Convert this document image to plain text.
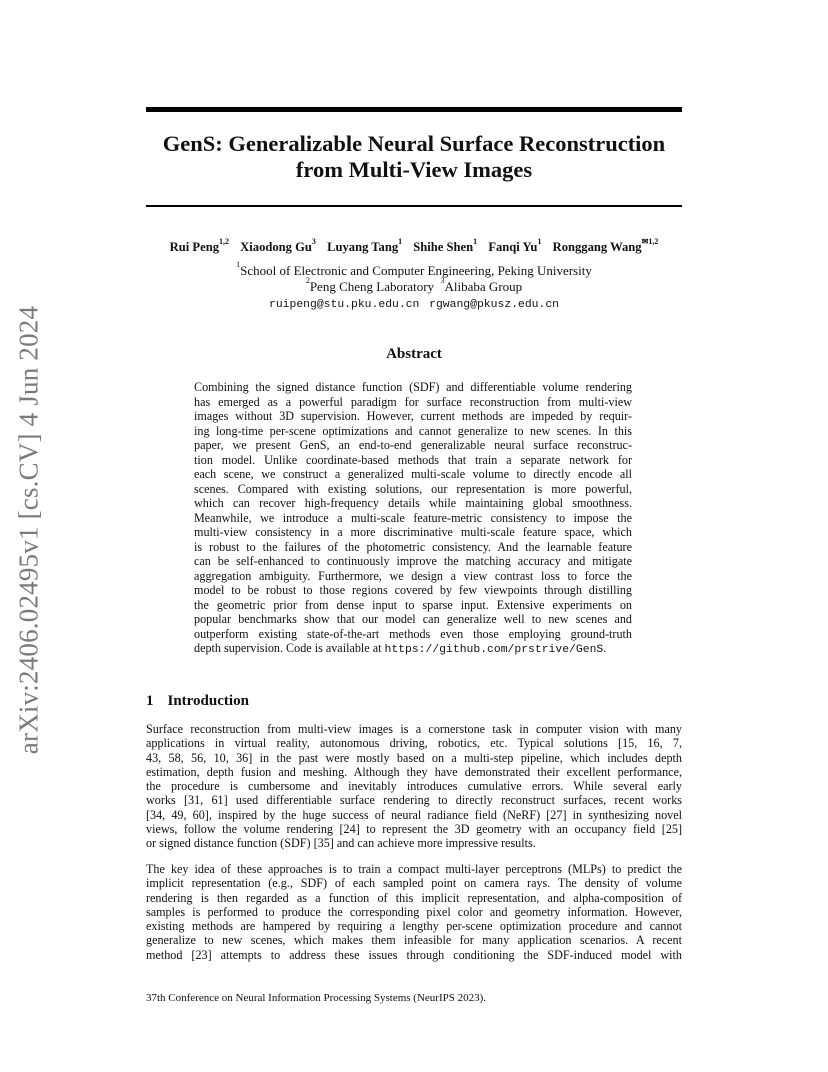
arXiv:2406.02495v1 [cs.CV] 4 Jun 2024
GenS: Generalizable Neural Surface Reconstruction
from Multi-View Images
Rui Peng$^{1,2}$ Xiaodong Gu$^3$ Luyang Tang$^1$ Shihe Shen$^1$ Fanqi Yu$^1$ Ronggang Wang$^{✉1,2}$
$^1$School of Electronic and Computer Engineering, Peking University
$^2$Peng Cheng Laboratory $^3$Alibaba Group
ruipeng@stu.pku.edu.cn rgwang@pkusz.edu.cn
Abstract
Combining the signed distance function (SDF) and differentiable volume rendering
has emerged as a powerful paradigm for surface reconstruction from multi-view
images without 3D supervision. However, current methods are impeded by requir-
ing long-time per-scene optimizations and cannot generalize to new scenes. In this
paper, we present GenS, an end-to-end generalizable neural surface reconstruc-
tion model. Unlike coordinate-based methods that train a separate network for
each scene, we construct a generalized multi-scale volume to directly encode all
scenes. Compared with existing solutions, our representation is more powerful,
which can recover high-frequency details while maintaining global smoothness.
Meanwhile, we introduce a multi-scale feature-metric consistency to impose the
multi-view consistency in a more discriminative multi-scale feature space, which
is robust to the failures of the photometric consistency. And the learnable feature
can be self-enhanced to continuously improve the matching accuracy and mitigate
aggregation ambiguity. Furthermore, we design a view contrast loss to force the
model to be robust to those regions covered by few viewpoints through distilling
the geometric prior from dense input to sparse input. Extensive experiments on
popular benchmarks show that our model can generalize well to new scenes and
outperform existing state-of-the-art methods even those employing ground-truth
depth supervision. Code is available at https://github.com/prstrive/GenS.
1 Introduction
Surface reconstruction from multi-view images is a cornerstone task in computer vision with many
applications in virtual reality, autonomous driving, robotics, etc. Typical solutions [15, 16, 7,
43, 58, 56, 10, 36] in the past were mostly based on a multi-step pipeline, which includes depth
estimation, depth fusion and meshing. Although they have demonstrated their excellent performance,
the procedure is cumbersome and inevitably introduces cumulative errors. While several early
works [31, 61] used differentiable surface rendering to directly reconstruct surfaces, recent works
[34, 49, 60], inspired by the huge success of neural radiance field (NeRF) [27] in synthesizing novel
views, follow the volume rendering [24] to represent the 3D geometry with an occupancy field [25]
or signed distance function (SDF) [35] and can achieve more impressive results.
The key idea of these approaches is to train a compact multi-layer perceptrons (MLPs) to predict the
implicit representation (e.g., SDF) of each sampled point on camera rays. The density of volume
rendering is then regarded as a function of this implicit representation, and alpha-composition of
samples is performed to produce the corresponding pixel color and geometry information. However,
existing methods are hampered by requiring a lengthy per-scene optimization procedure and cannot
generalize to new scenes, which makes them infeasible for many application scenarios. A recent
method [23] attempts to address these issues through conditioning the SDF-induced model with
37th Conference on Neural Information Processing Systems (NeurIPS 2023).
